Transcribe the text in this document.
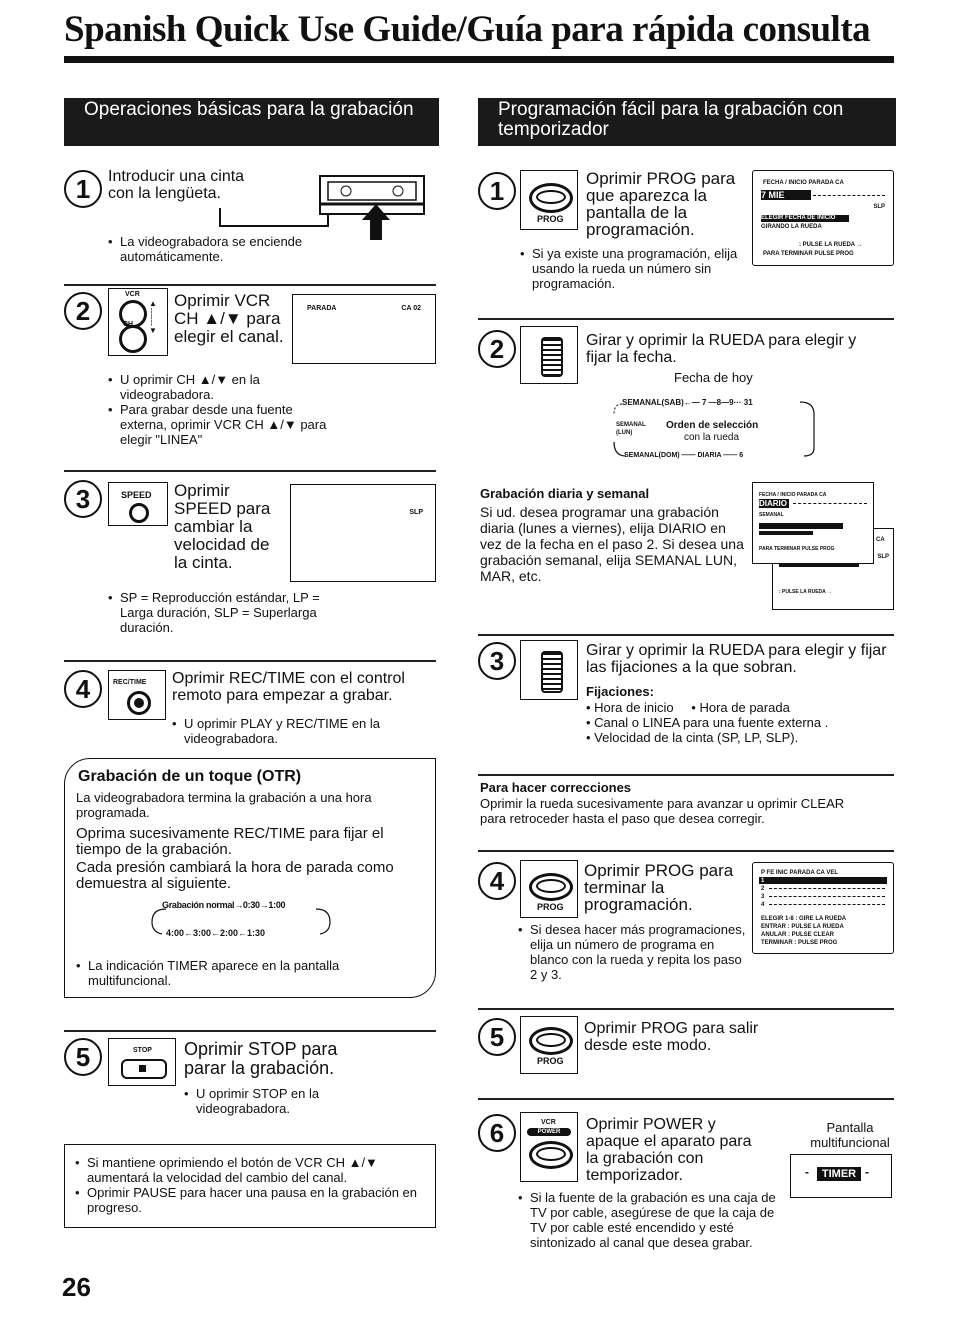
Spanish Quick Use Guide/Guía para rápida consulta
Operaciones básicas para la grabación
1	Introducir una cinta con la lengüeta.
• La videograbadora se enciende automáticamente.
2
VCR
CH
▲
┆
┆
▼
Oprimir VCR CH ▲/▼ para elegir el canal.
PARADA	CA 02
• U oprimir CH ▲/▼ en la videograbadora.
• Para grabar desde una fuente externa, oprimir VCR CH ▲/▼ para elegir "LINEA"
3	SPEED Oprimir SPEED para cambiar la velocidad de la cinta.
SLP
• SP = Reproducción estándar, LP = Larga duración, SLP = Superlarga duración.
4	REC/TIME Oprimir REC/TIME con el control remoto para empezar a grabar.
• U oprimir PLAY y REC/TIME en la videograbadora.
Grabación de un toque (OTR)
La videograbadora termina la grabación a una hora programada.
Oprima sucesivamente REC/TIME para fijar el tiempo de la grabación.
Cada presión cambiará la hora de parada como demuestra al siguiente.
Grabación normal→0:30→1:00
4:00←3:00←2:00←1:30
• La indicación TIMER aparece en la pantalla multifuncional.
5	STOP Oprimir STOP para parar la grabación.
• U oprimir STOP en la videograbadora.
• Si mantiene oprimiendo el botón de VCR CH ▲/▼ aumentará la velocidad del cambio del canal.
• Oprimir PAUSE para hacer una pausa en la grabación en progreso.
26
Programación fácil para la grabación con temporizador
1
PROG
Oprimir PROG para que aparezca la pantalla de la programación.
FECHA / INICIO PARADA CA
7 MIE
SLP
ELEGIR FECHA DE INICIO
GIRANDO LA RUEDA
: PULSE LA RUEDA →
PARA TERMINAR PULSE PROG
• Si ya existe una programación, elija usando la rueda un número sin programación.
2	Girar y oprimir la RUEDA para elegir y fijar la fecha.
Fecha de hoy
SEMANAL(SAB)←— 7 —8—9··· 31
SEMANAL
(LUN)
Orden de selección
con la rueda
SEMANAL(DOM) —— DIARIA —— 6
Grabación diaria y semanal
Si ud. desea programar una grabación diaria (lunes a viernes), elija DIARIO en vez de la fecha en el paso 2. Si desea una grabación semanal, elija SEMANAL LUN, MAR, etc.
SLP
: PULSE LA RUEDA →
FECHA / INICIO PARADA CA
DIARIO
SEMANAL
PARA TERMINAR PULSE PROG
CA
3	Girar y oprimir la RUEDA para elegir y fijar las fijaciones a la que sobran.
Fijaciones:
• Hora de inicio • Hora de parada
• Canal o LINEA para una fuente externa .
• Velocidad de la cinta (SP, LP, SLP).
Para hacer correcciones
Oprimir la rueda sucesivamente para avanzar u oprimir CLEAR para retroceder hasta el paso que desea corregir.
4
PROG
Oprimir PROG para terminar la programación.
• Si desea hacer más programaciones, elija un número de programa en blanco con la rueda y repita los paso 2 y 3.
P FE INIC PARADA CA VEL
1
2
3
4
ELEGIR 1-8 : GIRE LA RUEDA
ENTRAR : PULSE LA RUEDA
ANULAR : PULSE CLEAR
TERMINAR : PULSE PROG
5
PROG
Oprimir PROG para salir desde este modo.
6	VCR
POWER	Oprimir POWER y apaque el aparato para la grabación con temporizador.
Pantalla multifuncional
-	TIMER -
• Si la fuente de la grabación es una caja de TV por cable, asegúrese de que la caja de TV por cable esté encendido y esté sintonizado al canal que desea grabar.
